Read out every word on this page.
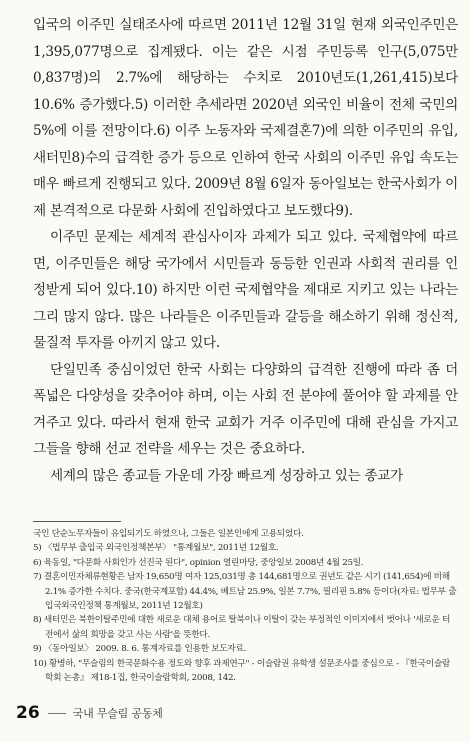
입국의 이주민 실태조사에 따르면 2011년 12월 31일 현재 외국인주민은 1,395,077명으로 집계됐다. 이는 같은 시점 주민등록 인구(5,075만0,837명)의 2.7%에 해당하는 수치로 2010년도(1,261,415)보다 10.6% 증가했다.5) 이러한 추세라면 2020년 외국인 비율이 전체 국민의 5%에 이를 전망이다.6) 이주 노동자와 국제결혼7)에 의한 이주민의 유입, 새터민8)수의 급격한 증가 등으로 인하여 한국 사회의 이주민 유입 속도는 매우 빠르게 진행되고 있다. 2009년 8월 6일자 동아일보는 한국사회가 이제 본격적으로 다문화 사회에 진입하였다고 보도했다9).

이주민 문제는 세계적 관심사이자 과제가 되고 있다. 국제협약에 따르면, 이주민들은 해당 국가에서 시민들과 동등한 인권과 사회적 권리를 인정받게 되어 있다.10) 하지만 이런 국제협약을 제대로 지키고 있는 나라는 그리 많지 않다. 많은 나라들은 이주민들과 갈등을 해소하기 위해 정신적, 물질적 투자를 아끼지 않고 있다.

단일민족 중심이었던 한국 사회는 다양화의 급격한 진행에 따라 좀 더 폭넓은 다양성을 갖추어야 하며, 이는 사회 전 분야에 풀어야 할 과제를 안겨주고 있다. 따라서 현재 한국 교회가 거주 이주민에 대해 관심을 가지고 그들을 향해 선교 전략을 세우는 것은 중요하다.

세계의 많은 종교들 가운데 가장 빠르게 성장하고 있는 종교가

국인 단순노무자들이 유입되기도 하였으나, 그들은 일본인에게 고용되었다.

5) 〈법무부 출입국 외국인정책본부〉 "통계월보", 2011년 12월호.

6) 육동일, "다문화 사회인가 선진국 된다", opinion 열린마당, 중앙일보 2008년 4월 25일.

7) 결혼이민자체류현황은 남자 19,650명 여자 125,031명 총 144,681명으로 권년도 같은 시기 (141,654)에 비해 2.1% 증가한 수치다. 중국(한국계포함) 44.4%, 베트남 25.9%, 일본 7.7%, 필리핀 5.8% 등이다(자료: 법무부 출입국외국인정책 통계월보, 2011년 12월호)

8) 새터민은 북한이탈주민에 대한 새로운 대체 용어로 탈북이나 이탈이 갖는 부정적인 이미지에서 벗어나 '새로운 터전에서 삶의 희망을 갖고 사는 사람'을 뜻한다.

9) 〈동아일보〉 2009. 8. 6. 통계자료를 인용한 보도자료.

10) 황병하, "무슬림의 한국문화수용 정도와 향후 과제연구" - 이슬람권 유학생 설문조사를 중심으로 - 『한국이슬람학회 논총』 제18-1집, 한국이슬람학회, 2008, 142.

26	국내 무슬림 공동체
